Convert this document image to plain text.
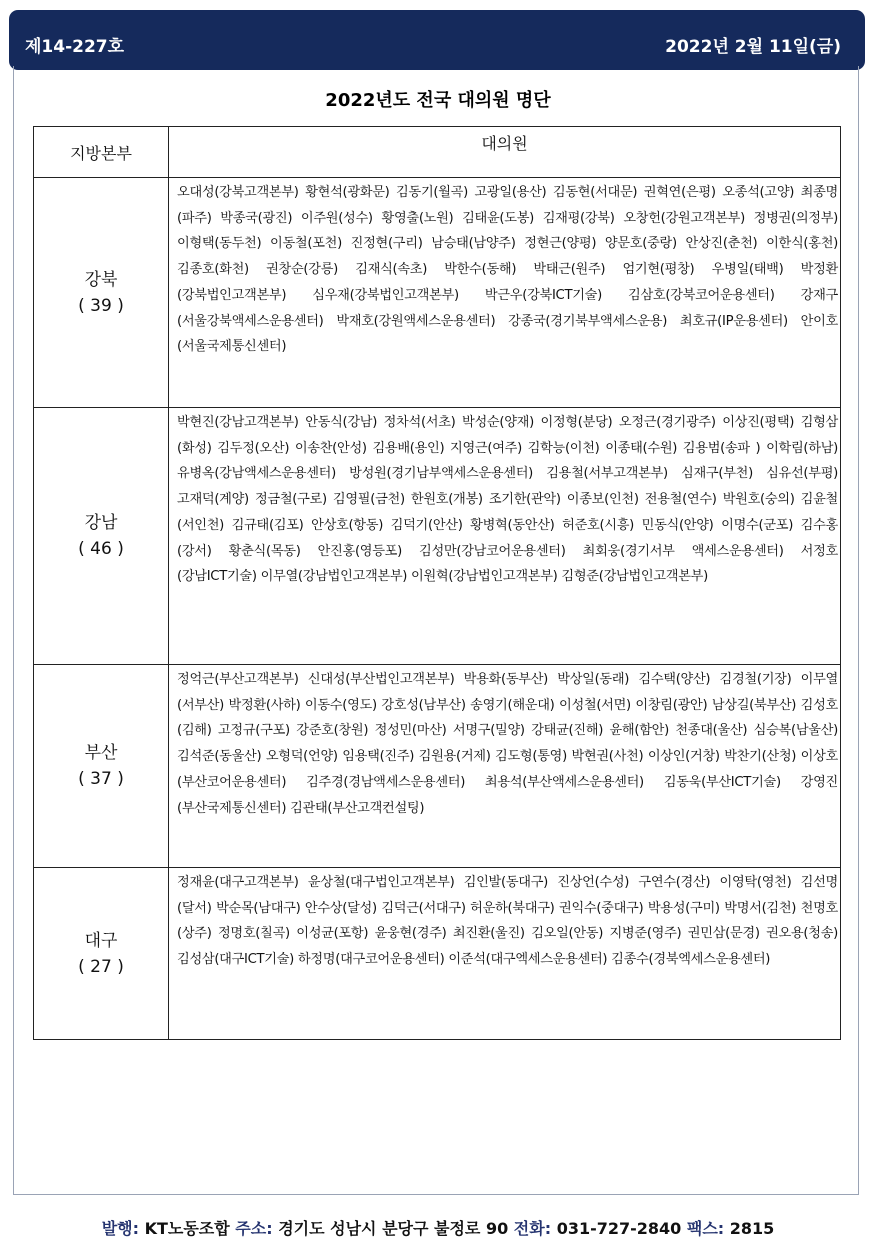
제14-227호	2022년 2월 11일(금)
2022년도 전국 대의원 명단
지방본부	대의원

강북
( 39 )	오대성(강북고객본부) 황현석(광화문) 김동기(월곡) 고광일(용산) 김동현(서대문) 권혁연(은평) 오종석(고양) 최종명(파주) 박종국(광진) 이주원(성수) 황영출(노원) 김태윤(도봉) 김재평(강북) 오창헌(강원고객본부) 정병권(의정부) 이형택(동두천) 이동철(포천) 진정현(구리) 남승태(남양주) 정현근(양평) 양문호(중랑) 안상진(춘천) 이한식(홍천) 김종호(화천) 권창순(강릉) 김재식(속초) 박한수(동해) 박태근(원주) 엄기현(평창) 우병일(태백) 박정환(강북법인고객본부) 심우재(강북법인고객본부) 박근우(강북ICT기술) 김삼호(강북코어운용센터) 강재구(서울강북액세스운용센터) 박재호(강원액세스운용센터) 강종국(경기북부액세스운용) 최호규(IP운용센터) 안이호(서울국제통신센터)

강남
( 46 )	박현진(강남고객본부) 안동식(강남) 정차석(서초) 박성순(양재) 이정형(분당) 오정근(경기광주) 이상진(평택) 김형삼(화성) 김두정(오산) 이송찬(안성) 김용배(용인) 지영근(여주) 김학능(이천) 이종태(수원) 김용범(송파 ) 이학림(하남) 유병옥(강남액세스운용센터) 방성원(경기남부액세스운용센터) 김용철(서부고객본부) 심재구(부천) 심유선(부평) 고재덕(계양) 정금철(구로) 김영필(금천) 한원호(개봉) 조기한(관악) 이종보(인천) 전용철(연수) 박원호(숭의) 김윤철(서인천) 김규태(김포) 안상호(항동) 김덕기(안산) 황병혁(동안산) 허준호(시흥) 민동식(안양) 이명수(군포) 김수홍(강서) 황춘식(목동) 안진홍(영등포) 김성만(강남코어운용센터) 최회웅(경기서부 액세스운용센터) 서정호(강남ICT기술) 이무열(강남법인고객본부) 이원혁(강남법인고객본부) 김형준(강남법인고객본부)

부산
( 37 )	정억근(부산고객본부) 신대성(부산법인고객본부) 박용화(동부산) 박상일(동래) 김수택(양산) 김경철(기장) 이무열(서부산) 박정환(사하) 이동수(영도) 강호성(남부산) 송영기(해운대) 이성철(서면) 이창림(광안) 남상길(북부산) 김성호(김해) 고정규(구포) 강준호(창원) 정성민(마산) 서명구(밀양) 강태균(진해) 윤해(함안) 천종대(울산) 심승복(남울산) 김석준(동울산) 오형덕(언양) 임용택(진주) 김원용(거제) 김도형(통영) 박현권(사천) 이상인(거창) 박찬기(산청) 이상호(부산코어운용센터) 김주경(경남액세스운용센터) 최용석(부산액세스운용센터) 김동욱(부산ICT기술) 강영진(부산국제통신센터) 김관태(부산고객컨설팅)

대구
( 27 )	정재윤(대구고객본부) 윤상철(대구법인고객본부) 김인발(동대구) 진상언(수성) 구연수(경산) 이영탁(영천) 김선명(달서) 박순목(남대구) 안수상(달성) 김덕근(서대구) 허운하(북대구) 권익수(중대구) 박용성(구미) 박명서(김천) 천명호(상주) 정명호(칠곡) 이성균(포항) 윤웅현(경주) 최진환(울진) 김오일(안동) 지병준(영주) 권민삼(문경) 권오용(청송) 김성삼(대구ICT기술) 하정명(대구코어운용센터) 이준석(대구엑세스운용센터) 김종수(경북엑세스운용센터)
발행: KT노동조합 주소: 경기도 성남시 분당구 불정로 90 전화: 031-727-2840 팩스: 2815
